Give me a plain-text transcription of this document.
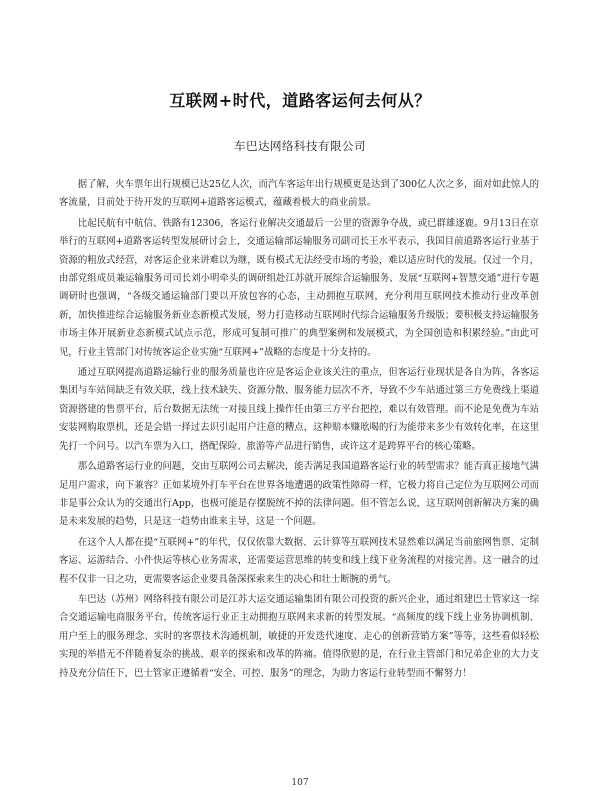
互联网+时代，道路客运何去何从？
车巴达网络科技有限公司

据了解，火车票年出行规模已达25亿人次，而汽车客运年出行规模更是达到了300亿人次之多，面对如此惊人的客流量，目前处于待开发的互联网+道路客运模式，蕴藏着极大的商业前景。

比起民航有中航信、铁路有12306，客运行业解决交通最后一公里的资源争夺战，或已群雄逐鹿。9月13日在京举行的互联网+道路客运转型发展研讨会上，交通运输部运输服务司副司长王水平表示，我国目前道路客运行业基于资源的粗放式经营，对客运企业来讲难以为继，既有模式无法经受市场的考验，难以适应时代的发展。仅过一个月，由部党组成员兼运输服务司司长刘小明牵头的调研组赴江苏就开展综合运输服务、发展“互联网+智慧交通”进行专题调研时也强调，“各级交通运输部门要以开放包容的心态，主动拥抱互联网，充分利用互联网技术推动行业改革创新，加快推进综合运输服务新业态新模式发展，努力打造移动互联网时代综合运输服务升级版；要积极支持运输服务市场主体开展新业态新模式试点示范，形成可复制可推广的典型案例和发展模式，为全国创造和积累经验。”由此可见，行业主管部门对传统客运企业实施“互联网+”战略的态度是十分支持的。

通过互联网提高道路运输行业的服务质量也许应是客运企业该关注的重点，但客运行业现状是各自为阵，各客运集团与车站间缺乏有效关联，线上技术缺失、资源分散、服务能力层次不齐，导致不少车站通过第三方免费线上渠道资源搭建的售票平台，后台数据无法统一对接且线上操作任由第三方平台把控，难以有效管理。而不论是免费为车站安装网购取票机，还是会错一择过去识引起用户注意的糟点，这种赔本赚吆喝的行为能带来多少有效转化率，在这里先打一个问号。以汽车票为入口，搭配保险、旅游等产品进行销售，或许这才是跨界平台的核心策略。

那么道路客运行业的问题，交由互联网公司去解决，能否满足我国道路客运行业的转型需求？能否真正接地气满足用户需求，向下兼容？正如某境外打车平台在世界各地遭遇的政策性障碍一样，它极力将自己定位为互联网公司而非是事公众认为的交通出行App，也极可能是存摆脱统不掉的法律问题。但不管怎么说，这互联网创新解决方案的确是未来发展的趋势，只是这一趋势由谁来主导，这是一个问题。

在这个人人都在提“互联网+”的年代，仅仅依靠大数据、云计算等互联网技术显然难以满足当前旅网售票、定制客运、运游结合、小件快运等核心业务需求，还需要运营思维的转变和线上线下业务流程的对接完善。这一融合的过程不仅非一日之功，更需要客运企业要具备深探索来生的决心和壮士断腕的勇气。

车巴达（苏州）网络科技有限公司是江苏大运交通运输集团有限公司投资的新兴企业，通过组建巴士管家这一综合交通运输电商服务平台，传统客运行业正主动拥抱互联网来求新的转型发展。“高频度的线下线上业务协调机制、用户至上的服务理念、实时的客票技术沟通机制，敏捷的开发迭代速度、走心的创新营销方案”等等，这些看似轻松实现的举措无不伴随着复杂的挑战、艰辛的探索和改革的阵痛。值得欣慰的是，在行业主管部门和兄弟企业的大力支持及充分信任下，巴士管家正遵循着“安全、可控、服务”的理念，为助力客运行业转型而不懈努力！

107
